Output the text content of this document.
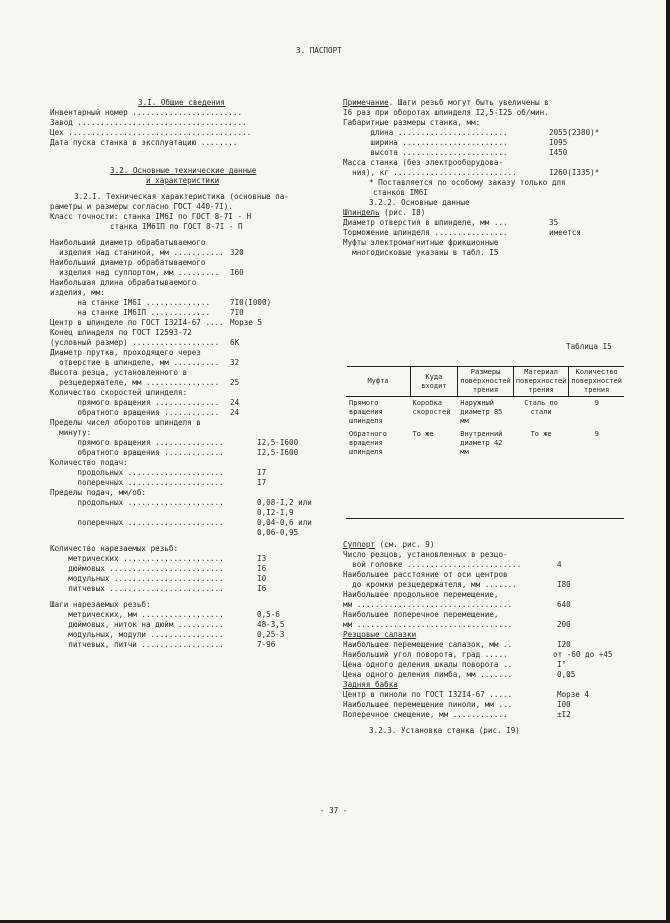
3. ПАСПОРТ
3.I. Общие сведения
Инвентарный номер ........................
Завод .....................................
Цех ........................................
Дата пуска станка в эксплуатацию ........
3.2. Основные технические данные
и характеристики
3.2.I. Техническая характеристика (основные па-
раметры и размеры согласно ГОСТ 440-7I).
Класс точности: станка IМ6I по ГОСТ 8-7I - Н
станка IМ6IП по ГОСТ 8-7I - П
Наибольший диаметр обрабатываемого
изделия над станиной, мм ........... 320
Наибольший диаметр обрабатываемого
изделия над суппортом, мм ......... I60
Наибольшая длина обрабатываемого
изделия, мм:
на станке IМ6I ..............	7I0(I000)
на станке IМ6IП .............	7I0
Центр в шпинделе по ГОСТ I32I4-67 .... Морзе 5
Конец шпинделя по ГОСТ I2593-72
(условный размер) ................... 6К
Диаметр прутка, проходящего через
отверстие в шпинделе, мм .......... 32
Высота резца, установленного в
резцедержателе, мм ................ 25
Количество скоростей шпинделя:
прямого вращения .............. 24
обратного вращения ............ 24
Пределы чисел оборотов шпинделя в
минуту:
прямого вращения ...............	I2,5-I600
обратного вращения .............	I2,5-I600
Количество подач:
продольных .....................	I7
поперечных .....................	I7
Пределы подач, мм/об:
продольных .....................	0,08-I,2 или
0,I2-I,9
поперечных .....................	0,04-0,6 или
0,06-0,95
Количество нарезаемых резьб:
метрических ......................	I3
дюймовых .........................	I6
модульных ........................	I0
питчевых .........................	I6
Шаги нарезаемых резьб:
метрических, мм ..................	0,5-6
дюймовых, ниток на дюйм ..........	48-3,5
модульных, модули ................	0,25-3
питчевых, питчи ..................	7-96
Примечание. Шаги резьб могут быть увеличены в
I6 раз при оборотах шпинделя I2,5-I25 об/мин.
Габаритные размеры станка, мм:
длина ........................	2055(2380)*
ширина .......................	I095
высота .......................	I450
Масса станка (без электрооборудова-
ния), кг ...........................	I260(I335)*
* Поставляется по особому заказу только для
станков IМ6I
3.2.2. Основные данные
Шпиндель (рис. I8)
Диаметр отверстия в шпинделе, мм ...	35
Торможение шпинделя ................	имеется
Муфты электромагнитные фрикционные
многодисковые указаны в табл. I5
Таблица I5
Муфта	Куда входит	Размеры поверхностей трения	Материал поверхностей трения	Количество поверхностей трения
Прямого вращения шпинделя	Коробка скоростей	Наружный диаметр 85 мм	Сталь по стали	9
Обратного вращения шпинделя	То же	Внутренний диаметр 42 мм	То же	9
Суппорт (см. рис. 9)
Число резцов, установленных в резцо-
вой головке .........................	4
Наибольшее расстояние от оси центров
до кромки резцедержателя, мм .......	I80
Наибольшее продольное перемещение,
мм ..................................	640
Наибольшее поперечное перемещение,
мм ..................................	200
Резцовые салазки
Наибольшее перемещение салазок, мм ..	I20
Наибольший угол поворота, град .....	от -60 до +45
Цена одного деления шкалы поворота ..	I°
Цена одного деления лимба, мм .......	0,05
Задняя бабка
Центр в пиноли по ГОСТ I32I4-67 .....	Морзе 4
Наибольшее перемещение пиноли, мм ...	I00
Поперечное смещение, мм ............	±I2
3.2.3. Установка станка (рис. I9)
- 37 -
